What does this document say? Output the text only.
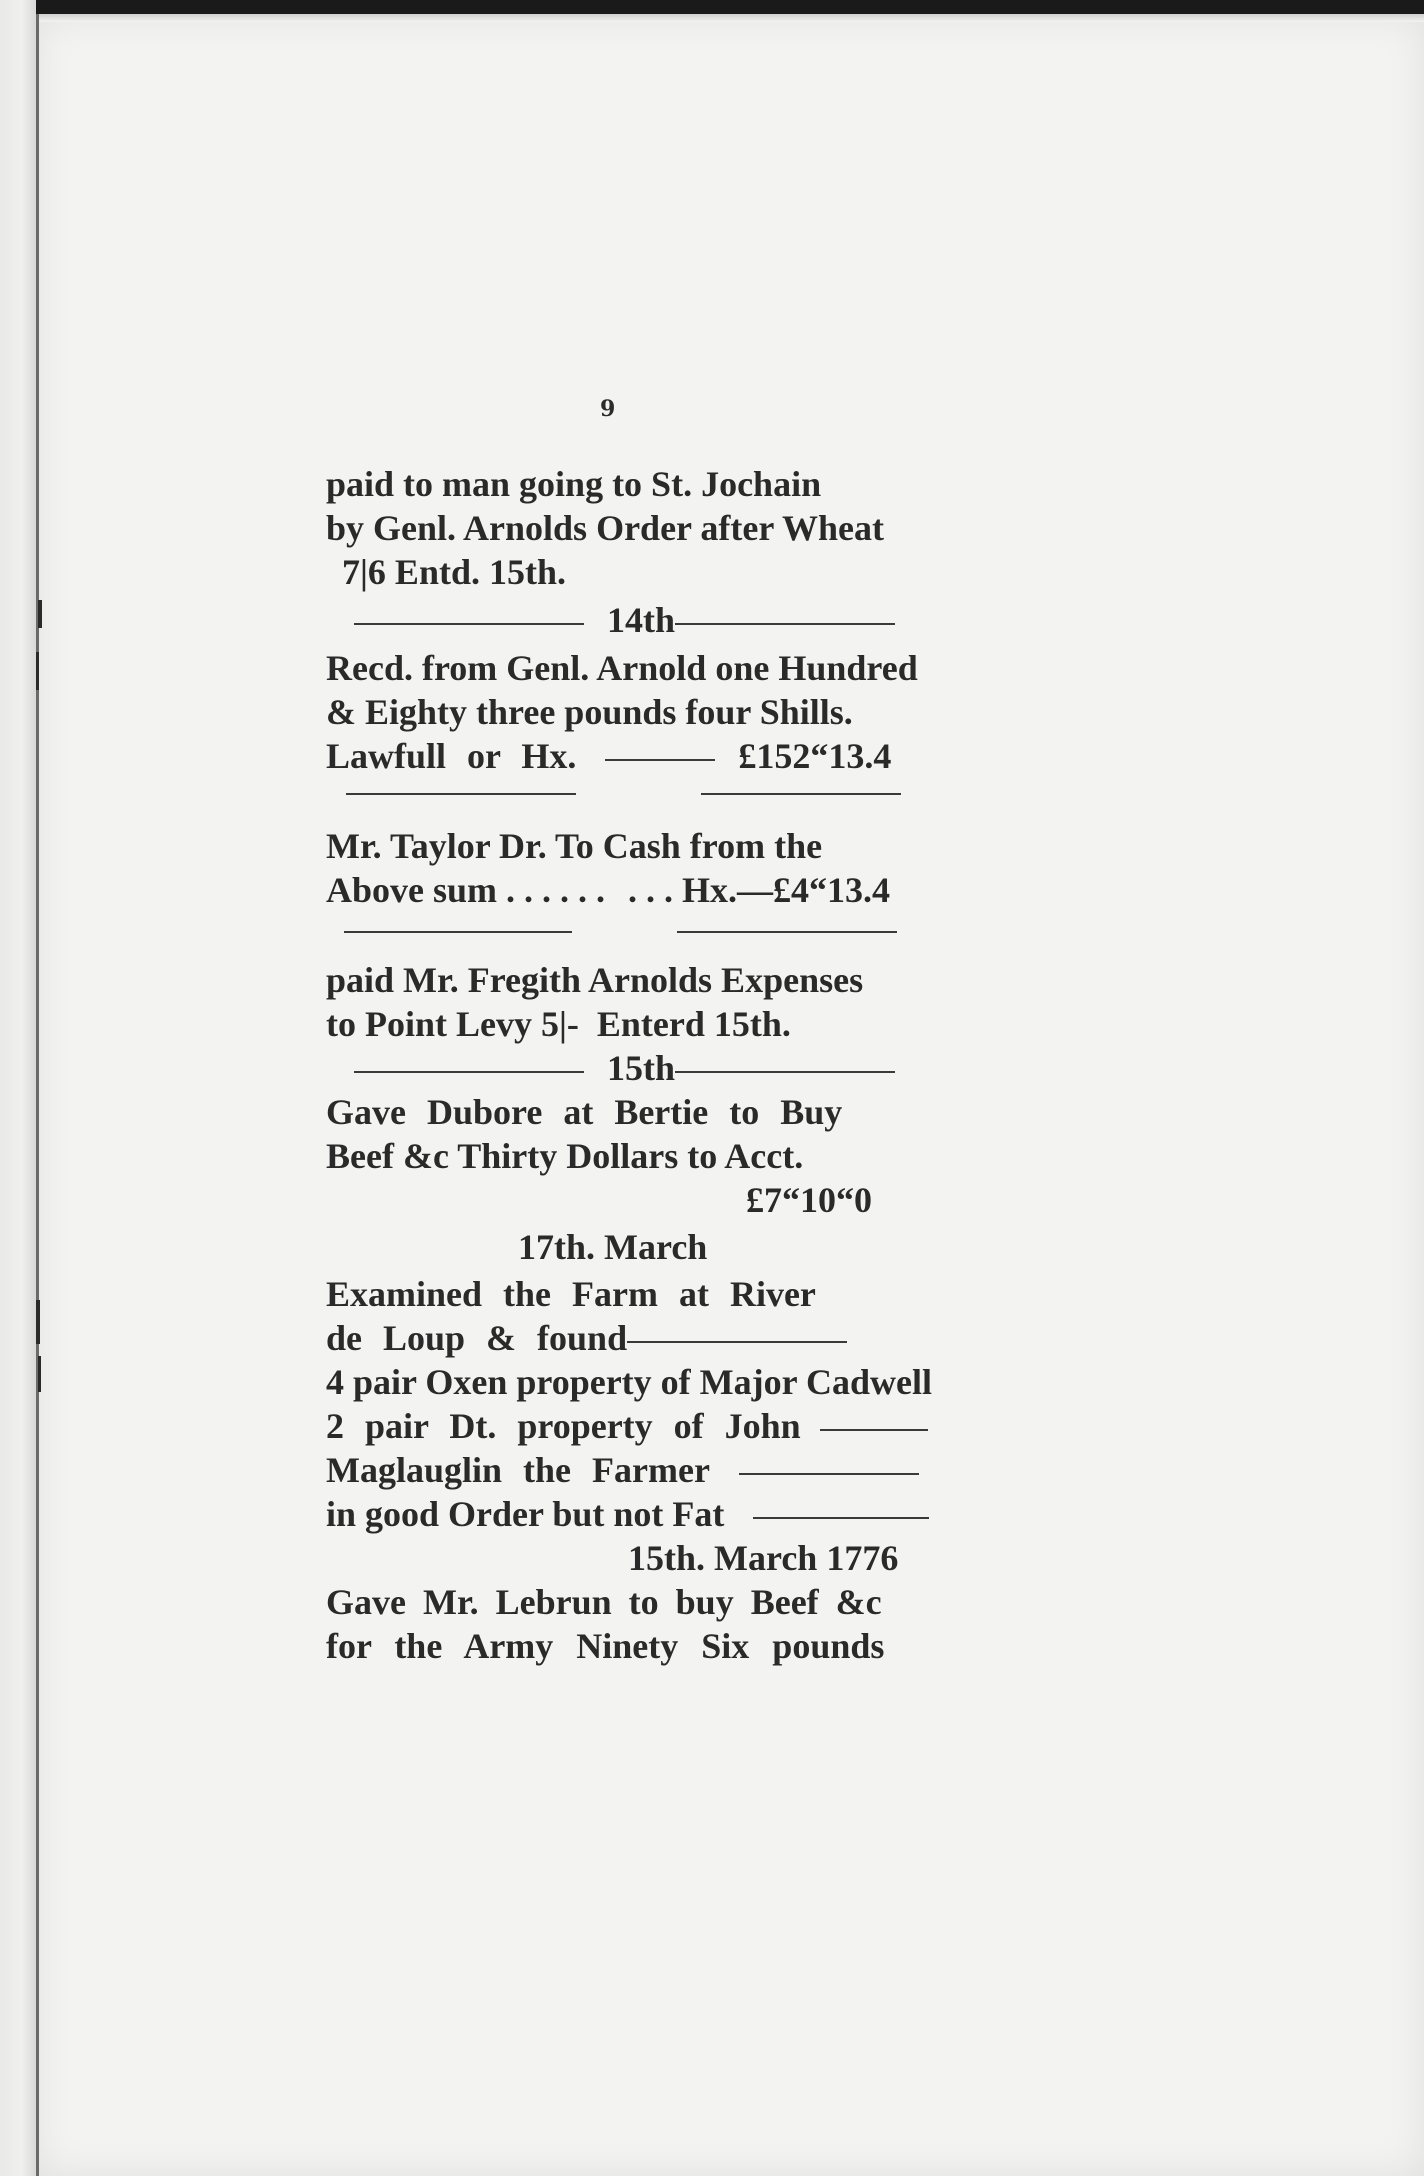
9
paid to man going to St. Jochain
by Genl. Arnolds Order after Wheat
7|6 Entd. 15th.
14th
Recd. from Genl. Arnold one Hundred
& Eighty three pounds four Shills.
Lawfull or Hx.	£152“13.4

Mr. Taylor Dr. To Cash from the
Above sum . . . . . . . . . Hx.—£4“13.4

paid Mr. Fregith Arnolds Expenses
to Point Levy 5|-  Enterd 15th.
15th
Gave Dubore at Bertie to Buy
Beef &c Thirty Dollars to Acct.
£7“10“0
17th. March
Examined the Farm at River
de Loup & found
4 pair Oxen property of Major Cadwell
2 pair Dt. property of John
Maglauglin the Farmer
in good Order but not Fat
15th. March 1776
Gave Mr. Lebrun to buy Beef &c
for the Army Ninety Six pounds
